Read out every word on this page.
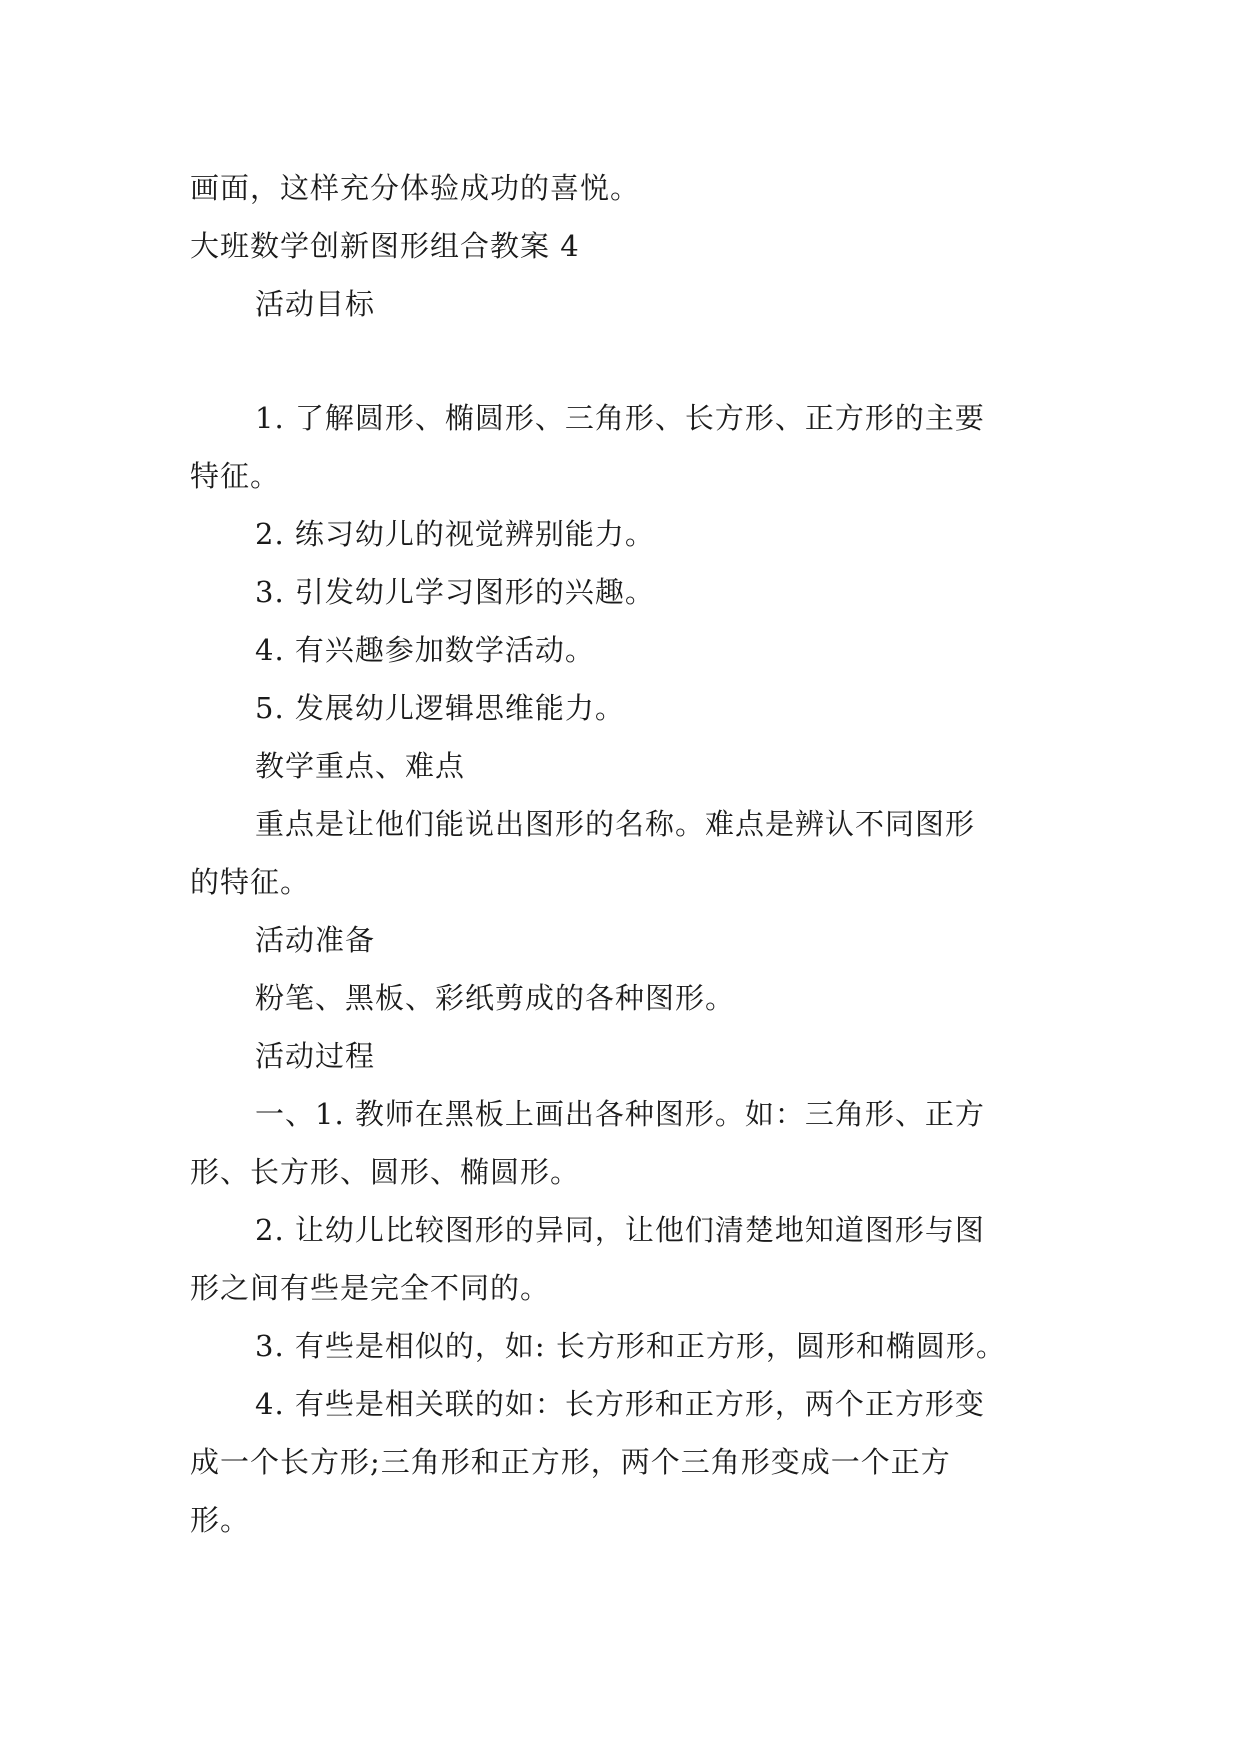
画面，这样充分体验成功的喜悦。
大班数学创新图形组合教案 4
活动目标
1. 了解圆形、椭圆形、三角形、长方形、正方形的主要
特征。
2. 练习幼儿的视觉辨别能力。
3. 引发幼儿学习图形的兴趣。
4. 有兴趣参加数学活动。
5. 发展幼儿逻辑思维能力。
教学重点、难点
重点是让他们能说出图形的名称。难点是辨认不同图形
的特征。
活动准备
粉笔、黑板、彩纸剪成的各种图形。
活动过程
一、1. 教师在黑板上画出各种图形。如：三角形、正方
形、长方形、圆形、椭圆形。
2. 让幼儿比较图形的异同，让他们清楚地知道图形与图
形之间有些是完全不同的。
3. 有些是相似的，如: 长方形和正方形，圆形和椭圆形。
4. 有些是相关联的如：长方形和正方形，两个正方形变
成一个长方形;三角形和正方形，两个三角形变成一个正方
形。
